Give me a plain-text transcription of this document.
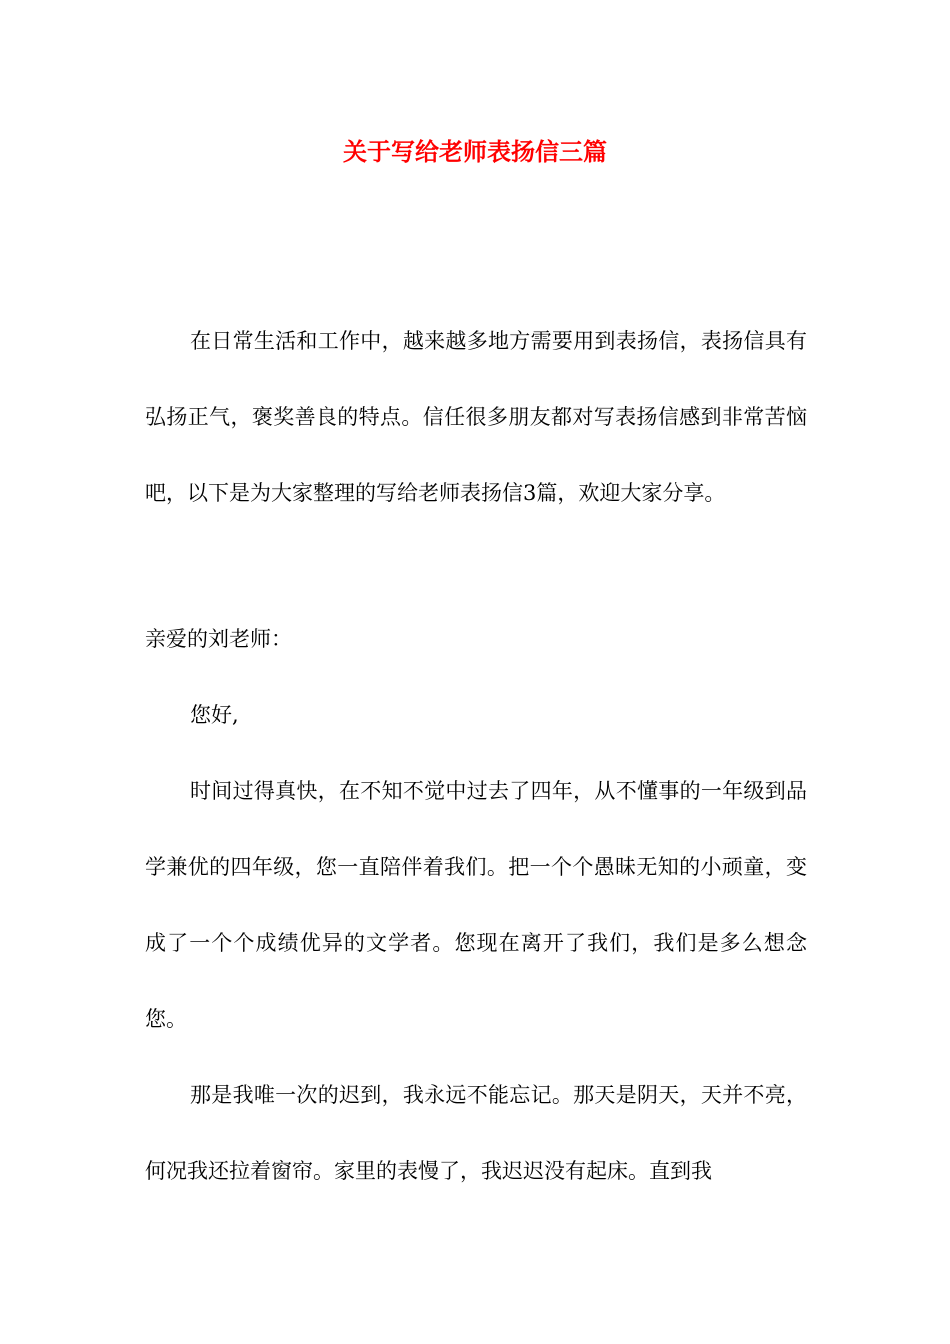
关于写给老师表扬信三篇

在日常生活和工作中，越来越多地方需要用到表扬信，表扬信具有弘扬正气，褒奖善良的特点。信任很多朋友都对写表扬信感到非常苦恼吧，以下是为大家整理的写给老师表扬信3篇，欢迎大家分享。

亲爱的刘老师：

您好,

时间过得真快，在不知不觉中过去了四年，从不懂事的一年级到品学兼优的四年级，您一直陪伴着我们。把一个个愚昧无知的小顽童，变成了一个个成绩优异的文学者。您现在离开了我们，我们是多么想念您。

那是我唯一次的迟到，我永远不能忘记。那天是阴天，天并不亮，何况我还拉着窗帘。家里的表慢了，我迟迟没有起床。直到我
